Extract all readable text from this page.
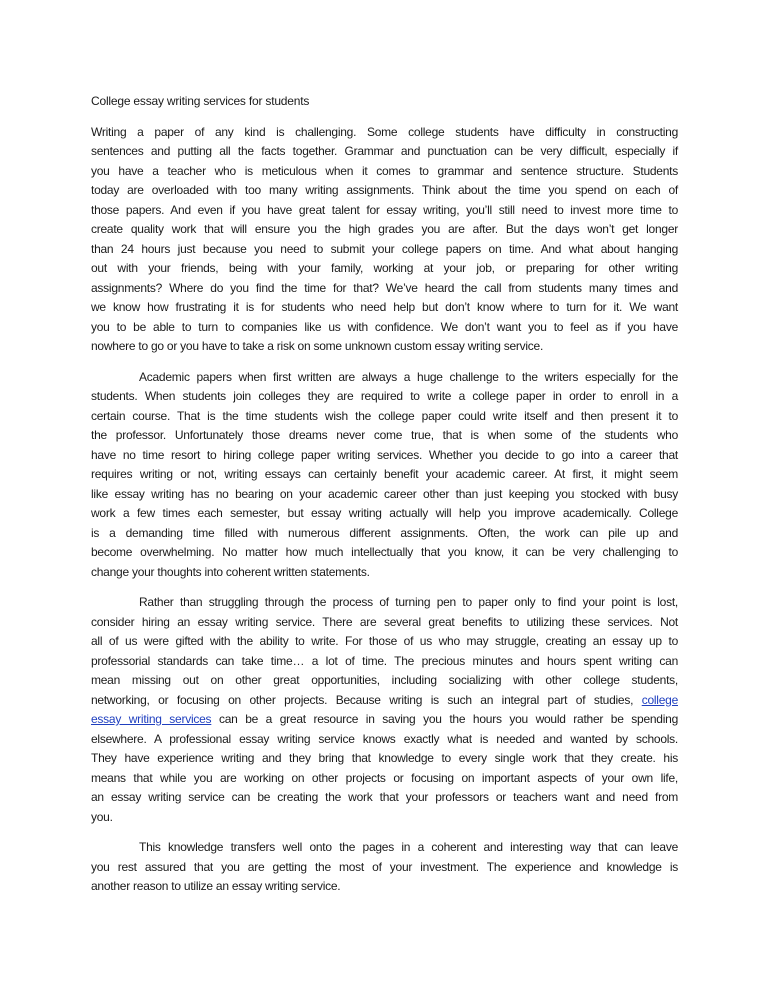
College essay writing services for students
Writing a paper of any kind is challenging. Some college students have difficulty in constructing
sentences and putting all the facts together. Grammar and punctuation can be very difficult, especially if
you have a teacher who is meticulous when it comes to grammar and sentence structure. Students
today are overloaded with too many writing assignments. Think about the time you spend on each of
those papers. And even if you have great talent for essay writing, you’ll still need to invest more time to
create quality work that will ensure you the high grades you are after. But the days won’t get longer
than 24 hours just because you need to submit your college papers on time. And what about hanging
out with your friends, being with your family, working at your job, or preparing for other writing
assignments? Where do you find the time for that? We’ve heard the call from students many times and
we know how frustrating it is for students who need help but don’t know where to turn for it. We want
you to be able to turn to companies like us with confidence. We don’t want you to feel as if you have
nowhere to go or you have to take a risk on some unknown custom essay writing service.
Academic papers when first written are always a huge challenge to the writers especially for the
students. When students join colleges they are required to write a college paper in order to enroll in a
certain course. That is the time students wish the college paper could write itself and then present it to
the professor. Unfortunately those dreams never come true, that is when some of the students who
have no time resort to hiring college paper writing services. Whether you decide to go into a career that
requires writing or not, writing essays can certainly benefit your academic career. At first, it might seem
like essay writing has no bearing on your academic career other than just keeping you stocked with busy
work a few times each semester, but essay writing actually will help you improve academically. College
is a demanding time filled with numerous different assignments. Often, the work can pile up and
become overwhelming. No matter how much intellectually that you know, it can be very challenging to
change your thoughts into coherent written statements.
Rather than struggling through the process of turning pen to paper only to find your point is lost,
consider hiring an essay writing service. There are several great benefits to utilizing these services. Not
all of us were gifted with the ability to write. For those of us who may struggle, creating an essay up to
professorial standards can take time… a lot of time. The precious minutes and hours spent writing can
mean missing out on other great opportunities, including socializing with other college students,
networking, or focusing on other projects. Because writing is such an integral part of studies, college
essay writing services can be a great resource in saving you the hours you would rather be spending
elsewhere. A professional essay writing service knows exactly what is needed and wanted by schools.
They have experience writing and they bring that knowledge to every single work that they create. his
means that while you are working on other projects or focusing on important aspects of your own life,
an essay writing service can be creating the work that your professors or teachers want and need from
you.
This knowledge transfers well onto the pages in a coherent and interesting way that can leave
you rest assured that you are getting the most of your investment. The experience and knowledge is
another reason to utilize an essay writing service.
